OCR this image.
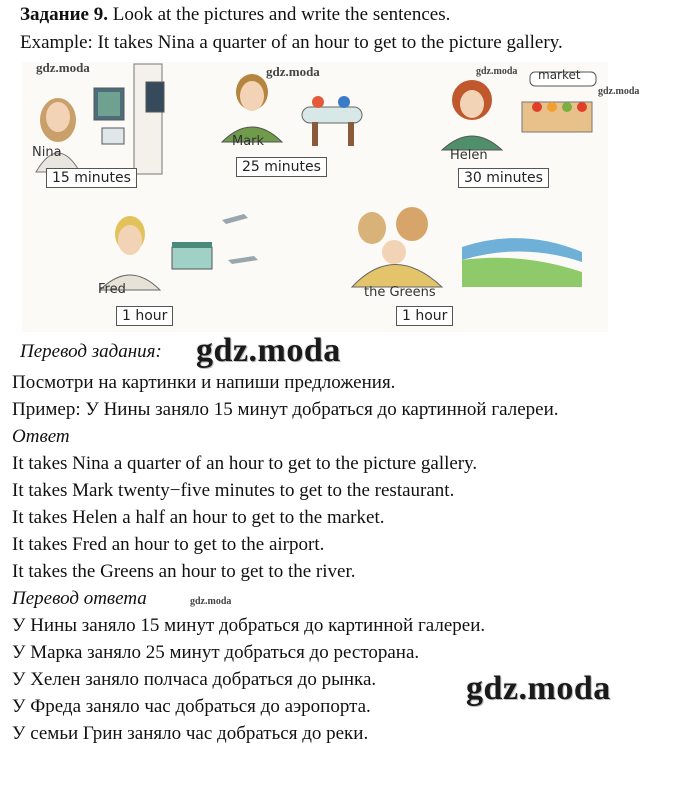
Задание 9. Look at the pictures and write the sentences.
Example: It takes Nina a quarter of an hour to get to the picture gallery.
Nina
15 minutes
Mark
25 minutes
Helen
30 minutes
market
Fred
1 hour
the Greens
1 hour
gdz.moda	gdz.moda	gdz.moda
gdz.moda
Перевод задания: gdz.moda
Посмотри на картинки и напиши предложения.
Пример: У Нины заняло 15 минут добраться до картинной галереи.
Ответ
It takes Nina a quarter of an hour to get to the picture gallery.
It takes Mark twenty−five minutes to get to the restaurant.
It takes Helen a half an hour to get to the market.
It takes Fred an hour to get to the airport.
It takes the Greens an hour to get to the river.
Перевод ответа	gdz.moda
У Нины заняло 15 минут добраться до картинной галереи.
У Марка заняло 25 минут добраться до ресторана.
У Хелен заняло полчаса добраться до рынка.
У Фреда заняло час добраться до аэропорта.
У семьи Грин заняло час добраться до реки.
gdz.moda
